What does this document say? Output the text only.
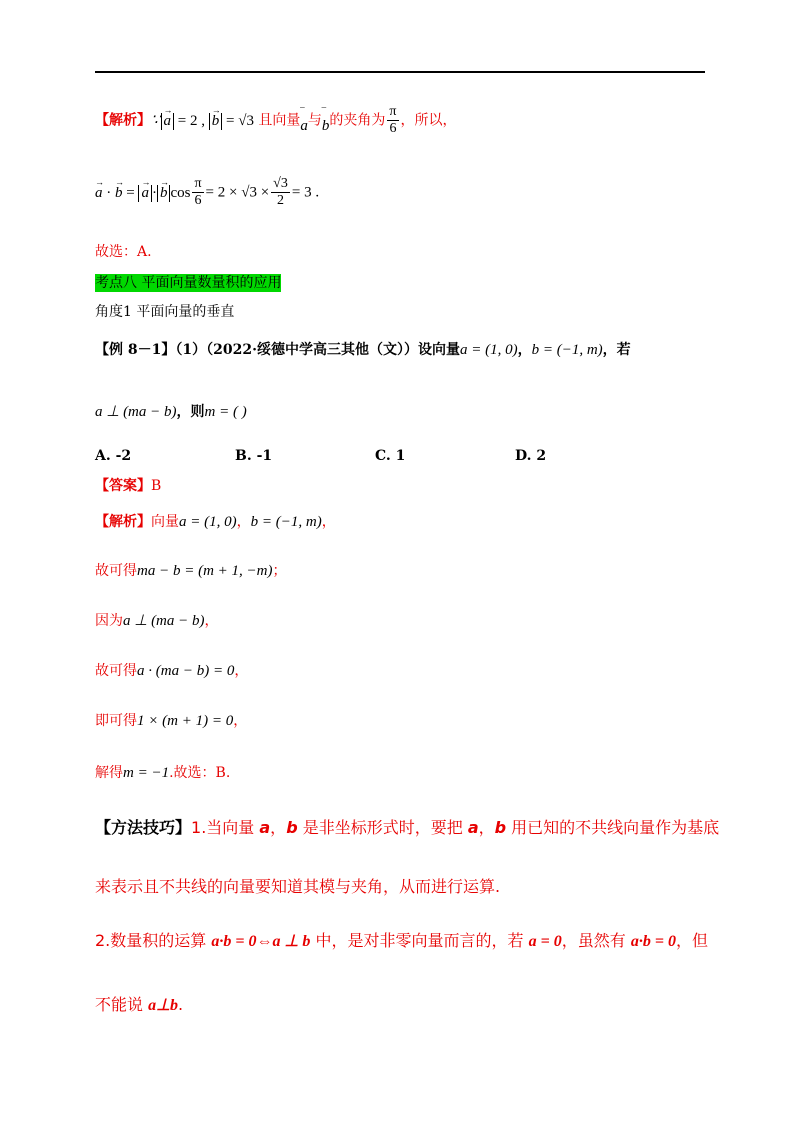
【解析】∵ → a = 2 , → b = √3 且向量‾ a与‾ b的夹角为 $\frac{\pi}{6}$ ，所以，
→ a · → b = → a · → b $\cos \frac{\pi}{6} = 2 \times √3 \times \frac{√3}{2} = 3$ .
故选：A.
考点八 平面向量数量积的应用
角度1 平面向量的垂直
【例 8－1】（1）（2022·绥德中学高三其他（文））设向量a = (1, 0)，b = (−1, m)，若
a ⊥ (ma − b)，则m = ( )
A. -2	B. -1	C. 1	D. 2
【答案】B
【解析】向量a = (1, 0)，b = (−1, m)，
故可得ma − b = (m + 1, −m)；
因为a ⊥ (ma − b)，
故可得a · (ma − b) = 0，
即可得1 × (m + 1) = 0，
解得m = −1.故选：B.
【方法技巧】1.当向量 a，b 是非坐标形式时，要把 a，b 用已知的不共线向量作为基底
来表示且不共线的向量要知道其模与夹角，从而进行运算.
2.数量积的运算 a·b = 0⇔a ⊥ b 中，是对非零向量而言的，若 a = 0，虽然有 a·b = 0，但
不能说 a⊥b.
